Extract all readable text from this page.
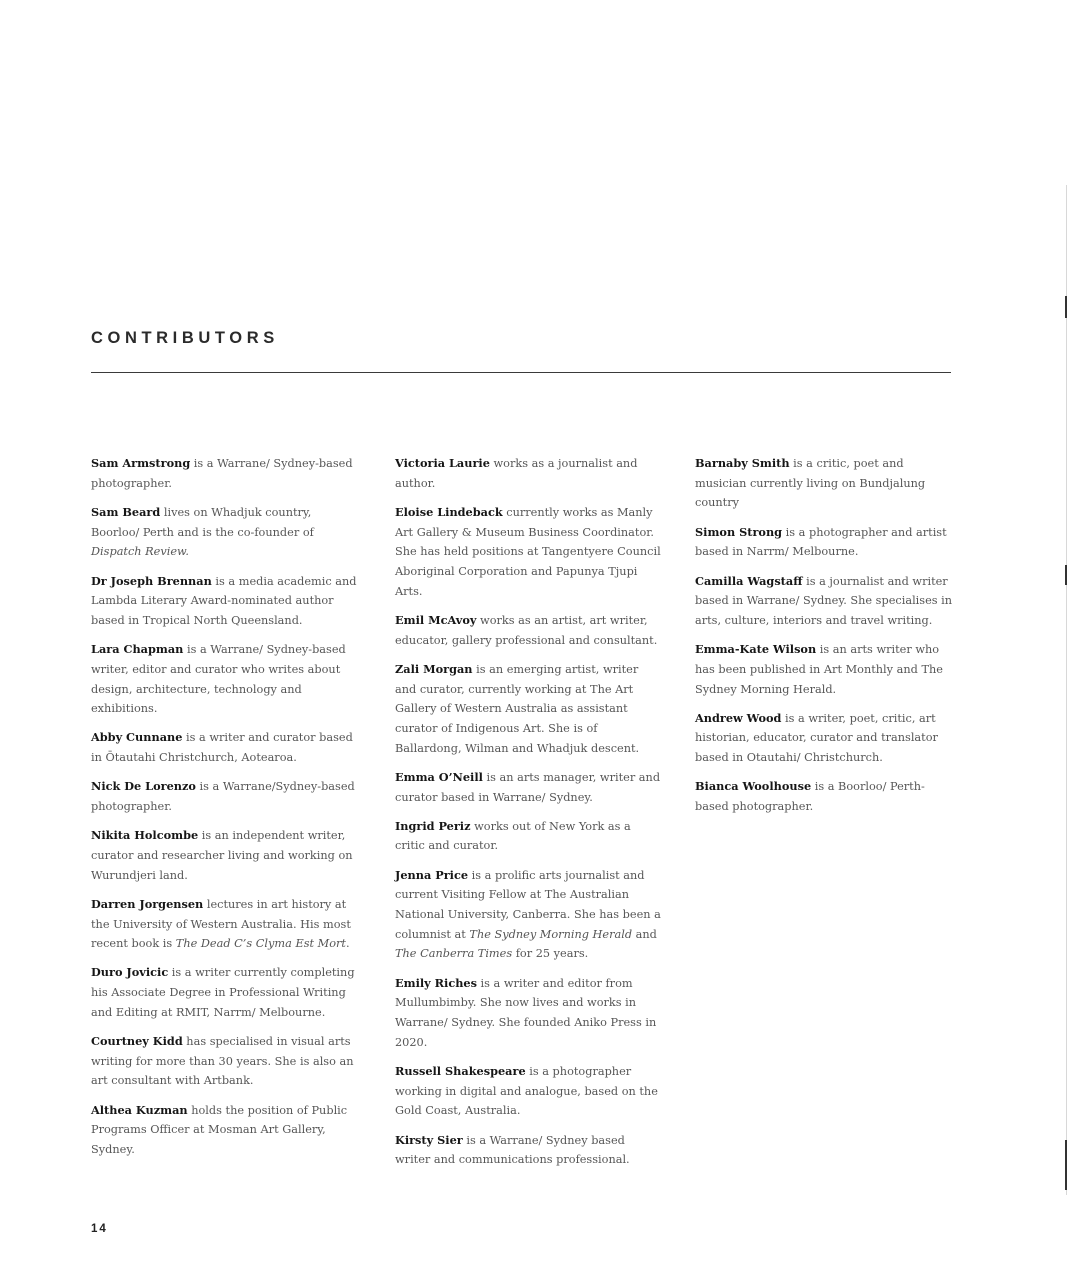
CONTRIBUTORS

Sam Armstrong is a Warrane/ Sydney-based photographer.

Sam Beard lives on Whadjuk country, Boorloo/ Perth and is the co-founder of Dispatch Review.

Dr Joseph Brennan is a media academic and Lambda Literary Award-nominated author based in Tropical North Queensland.

Lara Chapman is a Warrane/ Sydney-based writer, editor and curator who writes about design, architecture, technology and exhibitions.

Abby Cunnane is a writer and curator based in Ōtautahi Christchurch, Aotearoa.

Nick De Lorenzo is a Warrane/Sydney-based photographer.

Nikita Holcombe is an independent writer, curator and researcher living and working on Wurundjeri land.

Darren Jorgensen lectures in art history at the University of Western Australia. His most recent book is The Dead C’s Clyma Est Mort.

Duro Jovicic is a writer currently completing his Associate Degree in Professional Writing and Editing at RMIT, Narrm/ Melbourne.

Courtney Kidd has specialised in visual arts writing for more than 30 years. She is also an art consultant with Artbank.

Althea Kuzman holds the position of Public Programs Officer at Mosman Art Gallery, Sydney.

Victoria Laurie works as a journalist and author.

Eloise Lindeback currently works as Manly Art Gallery & Museum Business Coordinator. She has held positions at Tangentyere Council Aboriginal Corporation and Papunya Tjupi Arts.

Emil McAvoy works as an artist, art writer, educator, gallery professional and consultant.

Zali Morgan is an emerging artist, writer and curator, currently working at The Art Gallery of Western Australia as assistant curator of Indigenous Art. She is of Ballardong, Wilman and Whadjuk descent.

Emma O’Neill is an arts manager, writer and curator based in Warrane/ Sydney.

Ingrid Periz works out of New York as a critic and curator.

Jenna Price is a prolific arts journalist and current Visiting Fellow at The Australian National University, Canberra. She has been a columnist at The Sydney Morning Herald and The Canberra Times for 25 years.

Emily Riches is a writer and editor from Mullumbimby. She now lives and works in Warrane/ Sydney. She founded Aniko Press in 2020.

Russell Shakespeare is a photographer working in digital and analogue, based on the Gold Coast, Australia.

Kirsty Sier is a Warrane/ Sydney based writer and communications professional.

Barnaby Smith is a critic, poet and musician currently living on Bundjalung country

Simon Strong is a photographer and artist based in Narrm/ Melbourne.

Camilla Wagstaff is a journalist and writer based in Warrane/ Sydney. She specialises in arts, culture, interiors and travel writing.

Emma-Kate Wilson is an arts writer who has been published in Art Monthly and The Sydney Morning Herald.

Andrew Wood is a writer, poet, critic, art historian, educator, curator and translator based in Otautahi/ Christchurch.

Bianca Woolhouse is a Boorloo/ Perth-based photographer.

14
